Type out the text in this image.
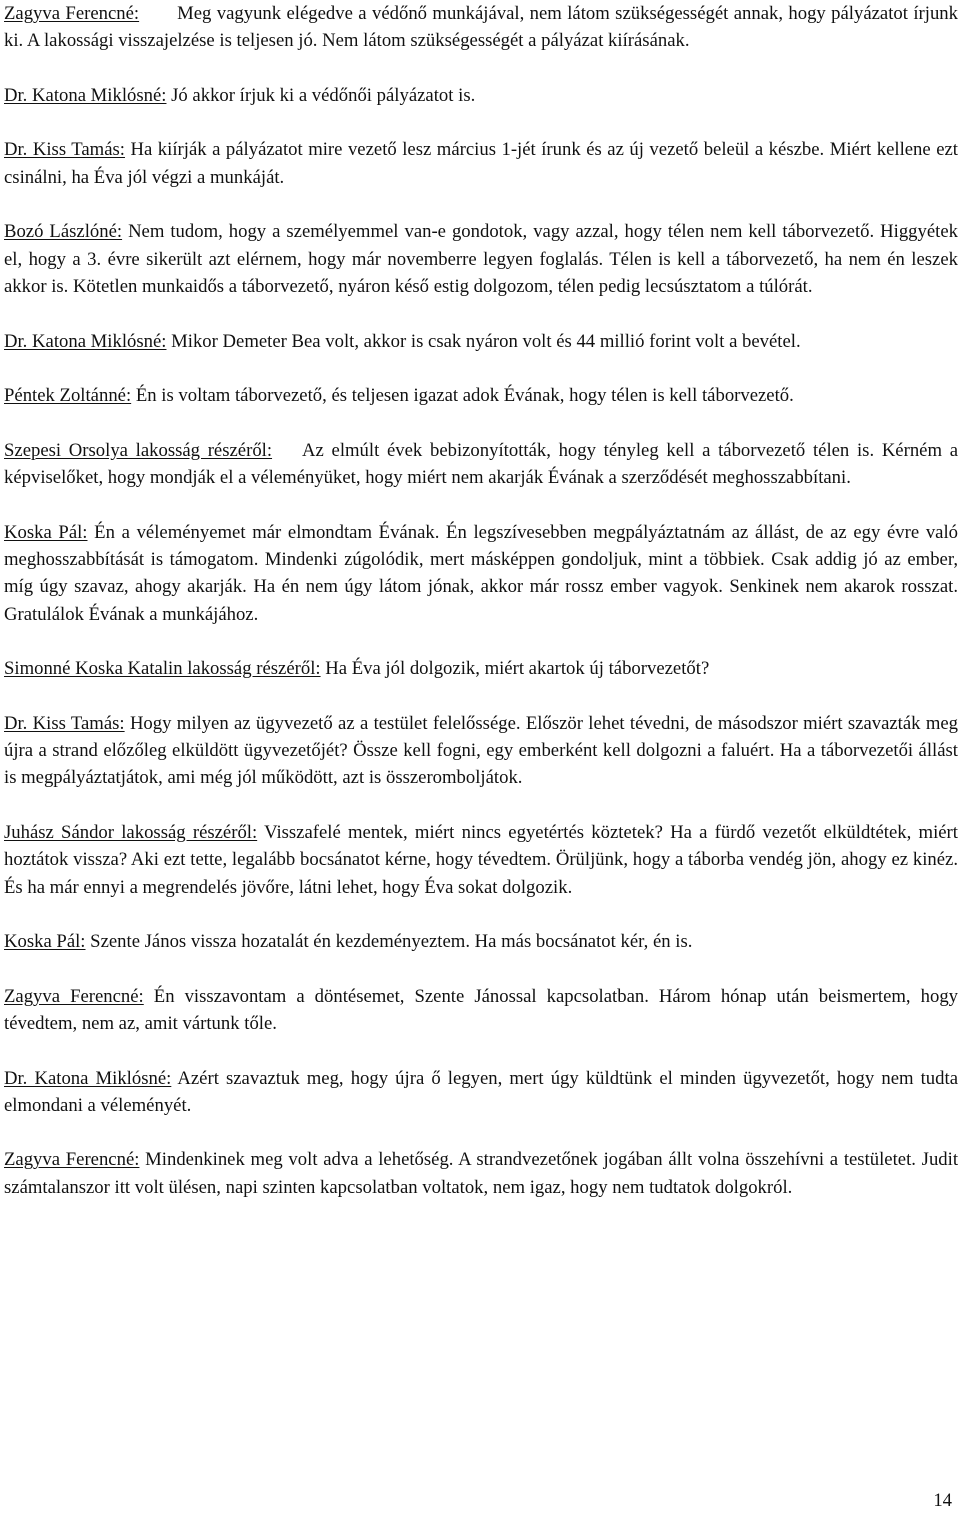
Zagyva Ferencné: Meg vagyunk elégedve a védőnő munkájával, nem látom szükségességét annak, hogy pályázatot írjunk ki. A lakossági visszajelzése is teljesen jó. Nem látom szükségességét a pályázat kiírásának.

Dr. Katona Miklósné: Jó akkor írjuk ki a védőnői pályázatot is.

Dr. Kiss Tamás: Ha kiírják a pályázatot mire vezető lesz március 1-jét írunk és az új vezető beleül a készbe. Miért kellene ezt csinálni, ha Éva jól végzi a munkáját.

Bozó Lászlóné: Nem tudom, hogy a személyemmel van-e gondotok, vagy azzal, hogy télen nem kell táborvezető. Higgyétek el, hogy a 3. évre sikerült azt elérnem, hogy már novemberre legyen foglalás. Télen is kell a táborvezető, ha nem én leszek akkor is. Kötetlen munkaidős a táborvezető, nyáron késő estig dolgozom, télen pedig lecsúsztatom a túlórát.

Dr. Katona Miklósné: Mikor Demeter Bea volt, akkor is csak nyáron volt és 44 millió forint volt a bevétel.

Péntek Zoltánné: Én is voltam táborvezető, és teljesen igazat adok Évának, hogy télen is kell táborvezető.

Szepesi Orsolya lakosság részéről: Az elmúlt évek bebizonyították, hogy tényleg kell a táborvezető télen is. Kérném a képviselőket, hogy mondják el a véleményüket, hogy miért nem akarják Évának a szerződését meghosszabbítani.

Koska Pál: Én a véleményemet már elmondtam Évának. Én legszívesebben megpályáztatnám az állást, de az egy évre való meghosszabbítását is támogatom. Mindenki zúgolódik, mert másképpen gondoljuk, mint a többiek. Csak addig jó az ember, míg úgy szavaz, ahogy akarják. Ha én nem úgy látom jónak, akkor már rossz ember vagyok. Senkinek nem akarok rosszat. Gratulálok Évának a munkájához.

Simonné Koska Katalin lakosság részéről: Ha Éva jól dolgozik, miért akartok új táborvezetőt?

Dr. Kiss Tamás: Hogy milyen az ügyvezető az a testület felelőssége. Először lehet tévedni, de másodszor miért szavazták meg újra a strand előzőleg elküldött ügyvezetőjét? Össze kell fogni, egy emberként kell dolgozni a faluért. Ha a táborvezetői állást is megpályáztatjátok, ami még jól működött, azt is összeromboljátok.

Juhász Sándor lakosság részéről: Visszafelé mentek, miért nincs egyetértés köztetek? Ha a fürdő vezetőt elküldtétek, miért hoztátok vissza? Aki ezt tette, legalább bocsánatot kérne, hogy tévedtem. Örüljünk, hogy a táborba vendég jön, ahogy ez kinéz. És ha már ennyi a megrendelés jövőre, látni lehet, hogy Éva sokat dolgozik.

Koska Pál: Szente János vissza hozatalát én kezdeményeztem. Ha más bocsánatot kér, én is.

Zagyva Ferencné: Én visszavontam a döntésemet, Szente Jánossal kapcsolatban. Három hónap után beismertem, hogy tévedtem, nem az, amit vártunk tőle.

Dr. Katona Miklósné: Azért szavaztuk meg, hogy újra ő legyen, mert úgy küldtünk el minden ügyvezetőt, hogy nem tudta elmondani a véleményét.

Zagyva Ferencné: Mindenkinek meg volt adva a lehetőség. A strandvezetőnek jogában állt volna összehívni a testületet. Judit számtalanszor itt volt ülésen, napi szinten kapcsolatban voltatok, nem igaz, hogy nem tudtatok dolgokról.

14
